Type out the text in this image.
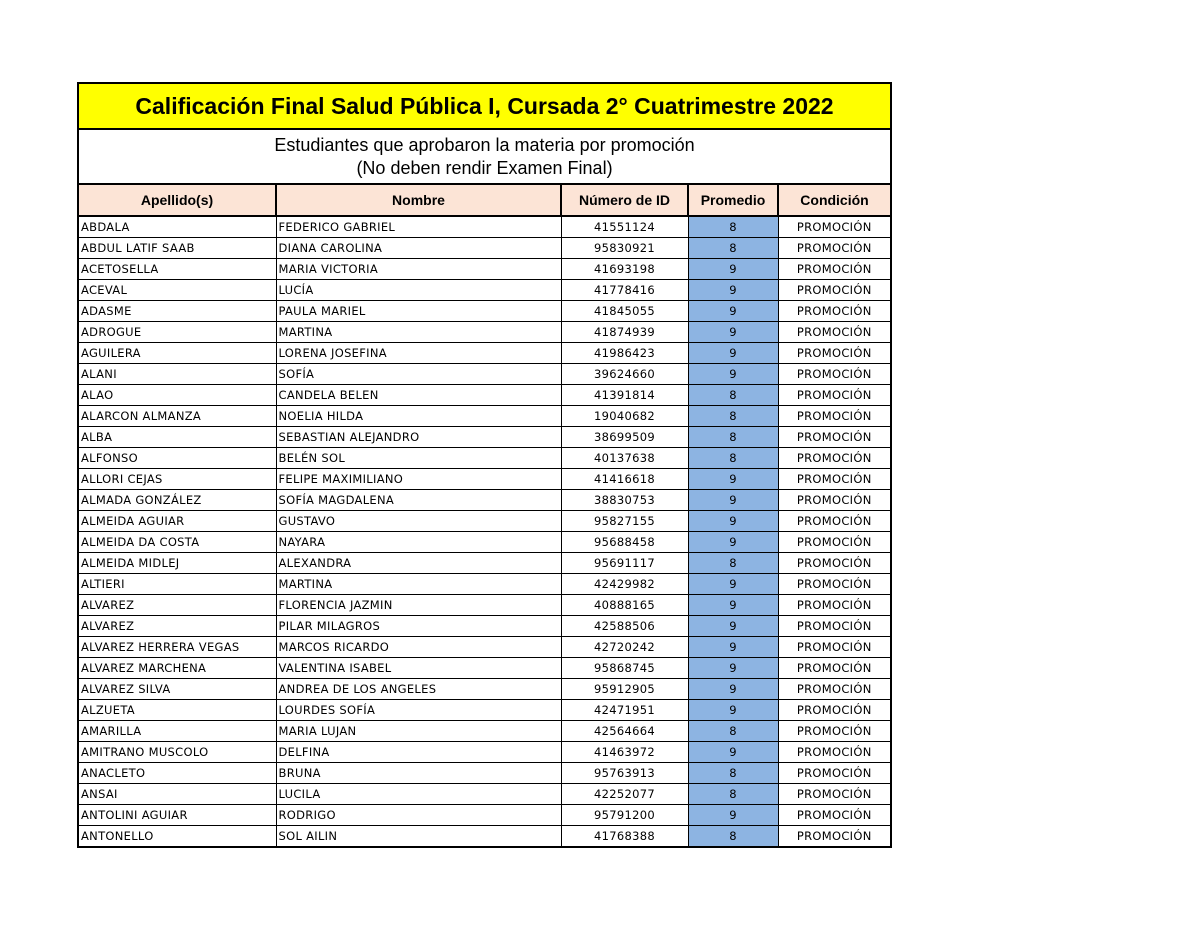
Calificación Final Salud Pública I, Cursada 2° Cuatrimestre 2022
Estudiantes que aprobaron la materia por promoción
(No deben rendir Examen Final)
Apellido(s)	Nombre	Número de ID	Promedio	Condición
ABDALA	FEDERICO GABRIEL	41551124	8	PROMOCIÓN
ABDUL LATIF SAAB	DIANA CAROLINA	95830921	8	PROMOCIÓN
ACETOSELLA	MARIA VICTORIA	41693198	9	PROMOCIÓN
ACEVAL	LUCÍA	41778416	9	PROMOCIÓN
ADASME	PAULA MARIEL	41845055	9	PROMOCIÓN
ADROGUE	MARTINA	41874939	9	PROMOCIÓN
AGUILERA	LORENA JOSEFINA	41986423	9	PROMOCIÓN
ALANI	SOFÍA	39624660	9	PROMOCIÓN
ALAO	CANDELA BELEN	41391814	8	PROMOCIÓN
ALARCON ALMANZA	NOELIA HILDA	19040682	8	PROMOCIÓN
ALBA	SEBASTIAN ALEJANDRO	38699509	8	PROMOCIÓN
ALFONSO	BELÉN SOL	40137638	8	PROMOCIÓN
ALLORI CEJAS	FELIPE MAXIMILIANO	41416618	9	PROMOCIÓN
ALMADA GONZÁLEZ	SOFÍA MAGDALENA	38830753	9	PROMOCIÓN
ALMEIDA AGUIAR	GUSTAVO	95827155	9	PROMOCIÓN
ALMEIDA DA COSTA	NAYARA	95688458	9	PROMOCIÓN
ALMEIDA MIDLEJ	ALEXANDRA	95691117	8	PROMOCIÓN
ALTIERI	MARTINA	42429982	9	PROMOCIÓN
ALVAREZ	FLORENCIA JAZMIN	40888165	9	PROMOCIÓN
ALVAREZ	PILAR MILAGROS	42588506	9	PROMOCIÓN
ALVAREZ HERRERA VEGAS	MARCOS RICARDO	42720242	9	PROMOCIÓN
ALVAREZ MARCHENA	VALENTINA ISABEL	95868745	9	PROMOCIÓN
ALVAREZ SILVA	ANDREA DE LOS ANGELES	95912905	9	PROMOCIÓN
ALZUETA	LOURDES SOFÍA	42471951	9	PROMOCIÓN
AMARILLA	MARIA LUJAN	42564664	8	PROMOCIÓN
AMITRANO MUSCOLO	DELFINA	41463972	9	PROMOCIÓN
ANACLETO	BRUNA	95763913	8	PROMOCIÓN
ANSAI	LUCILA	42252077	8	PROMOCIÓN
ANTOLINI AGUIAR	RODRIGO	95791200	9	PROMOCIÓN
ANTONELLO	SOL AILIN	41768388	8	PROMOCIÓN
